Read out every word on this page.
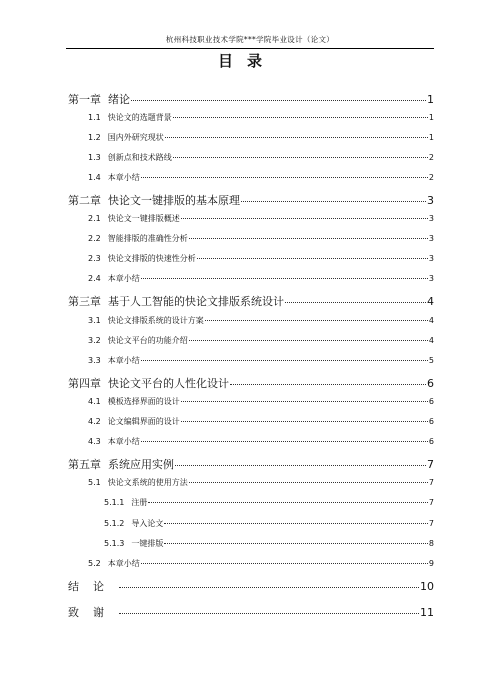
杭州科技职业技术学院***学院毕业设计（论文）
目录
第一章 绪论	1
1.1 快论文的选题背景	1
1.2 国内外研究现状	1
1.3 创新点和技术路线	2
1.4 本章小结	2
第二章 快论文一键排版的基本原理	3
2.1 快论文一键排版概述	3
2.2 智能排版的准确性分析	3
2.3 快论文排版的快速性分析	3
2.4 本章小结	3
第三章 基于人工智能的快论文排版系统设计	4
3.1 快论文排版系统的设计方案	4
3.2 快论文平台的功能介绍	4
3.3 本章小结	5
第四章 快论文平台的人性化设计	6
4.1 模板选择界面的设计	6
4.2 论文编辑界面的设计	6
4.3 本章小结	6
第五章 系统应用实例	7
5.1 快论文系统的使用方法	7
5.1.1 注册	7
5.1.2 导入论文	7
5.1.3 一键排版	8
5.2 本章小结	9
结论	10
致谢	11
